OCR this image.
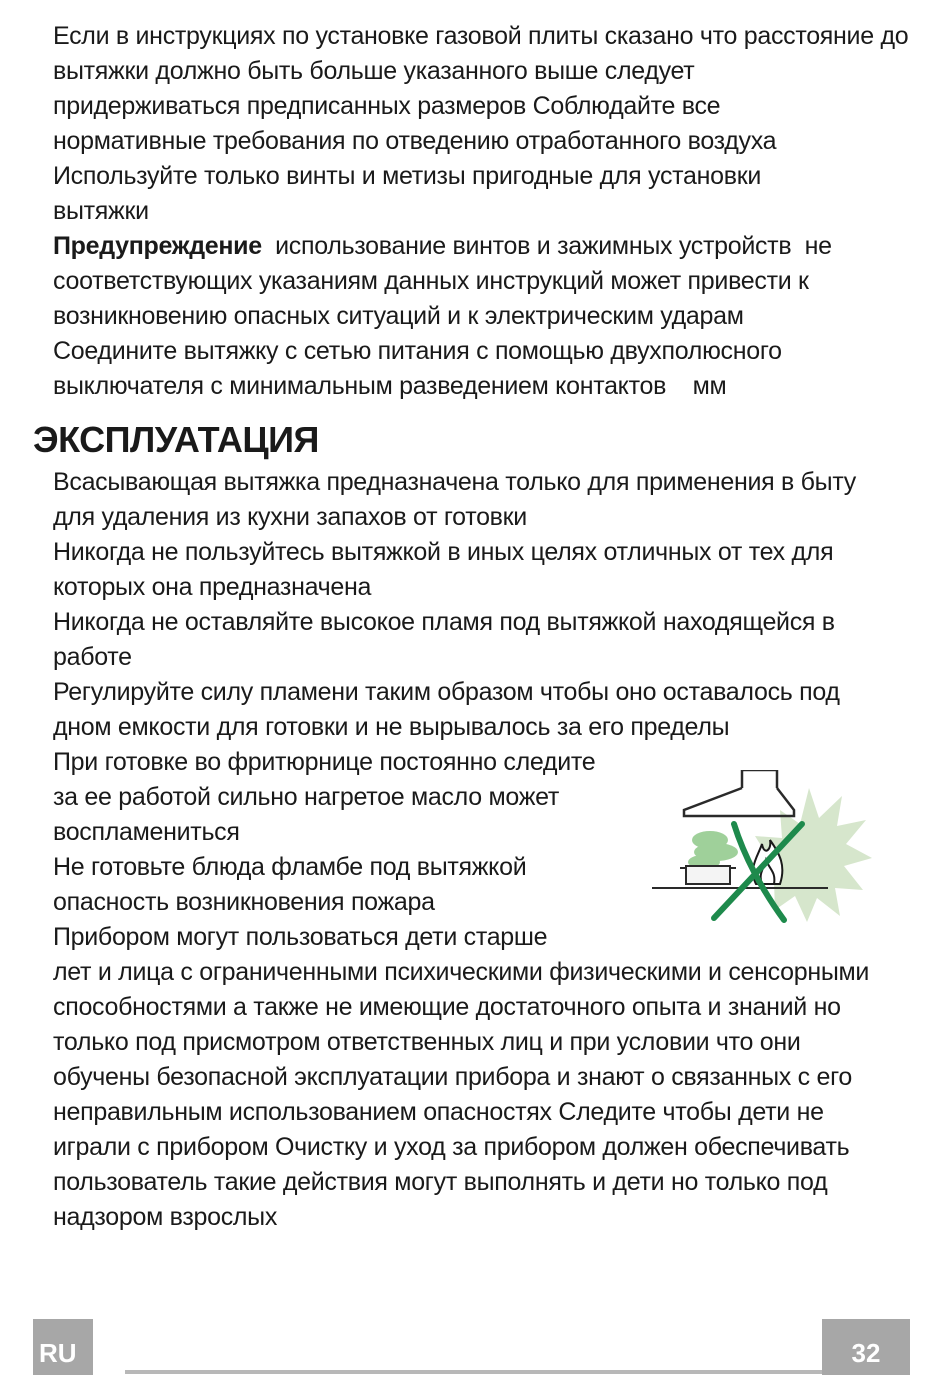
Если в инструкциях по установке газовой плиты сказано что расстояние до
вытяжки должно быть больше указанного выше следует
придерживаться предписанных размеров Соблюдайте все
нормативные требования по отведению отработанного воздуха
Используйте только винты и метизы пригодные для установки
вытяжки
Предупреждение  использование винтов и зажимных устройств  не
соответствующих указаниям данных инструкций может привести к
возникновению опасных ситуаций и к электрическим ударам
Соедините вытяжку с сетью питания с помощью двухполюсного
выключателя с минимальным разведением контактов    мм
ЭКСПЛУАТАЦИЯ
Всасывающая вытяжка предназначена только для применения в быту
для удаления из кухни запахов от готовки
Никогда не пользуйтесь вытяжкой в иных целях отличных от тех для
которых она предназначена
Никогда не оставляйте высокое пламя под вытяжкой находящейся в
работе
Регулируйте силу пламени таким образом чтобы оно оставалось под
дном емкости для готовки и не вырывалось за его пределы
При готовке во фритюрнице постоянно следите
за ее работой сильно нагретое масло может
воспламениться
Не готовьте блюда фламбе под вытяжкой
опасность возникновения пожара
Прибором могут пользоваться дети старше
лет и лица с ограниченными психическими физическими и сенсорными
способностями а также не имеющие достаточного опыта и знаний но
только под присмотром ответственных лиц и при условии что они
обучены безопасной эксплуатации прибора и знают о связанных с его
неправильным использованием опасностях Следите чтобы дети не
играли с прибором Очистку и уход за прибором должен обеспечивать
пользователь такие действия могут выполнять и дети но только под
надзором взрослых
RU	32
